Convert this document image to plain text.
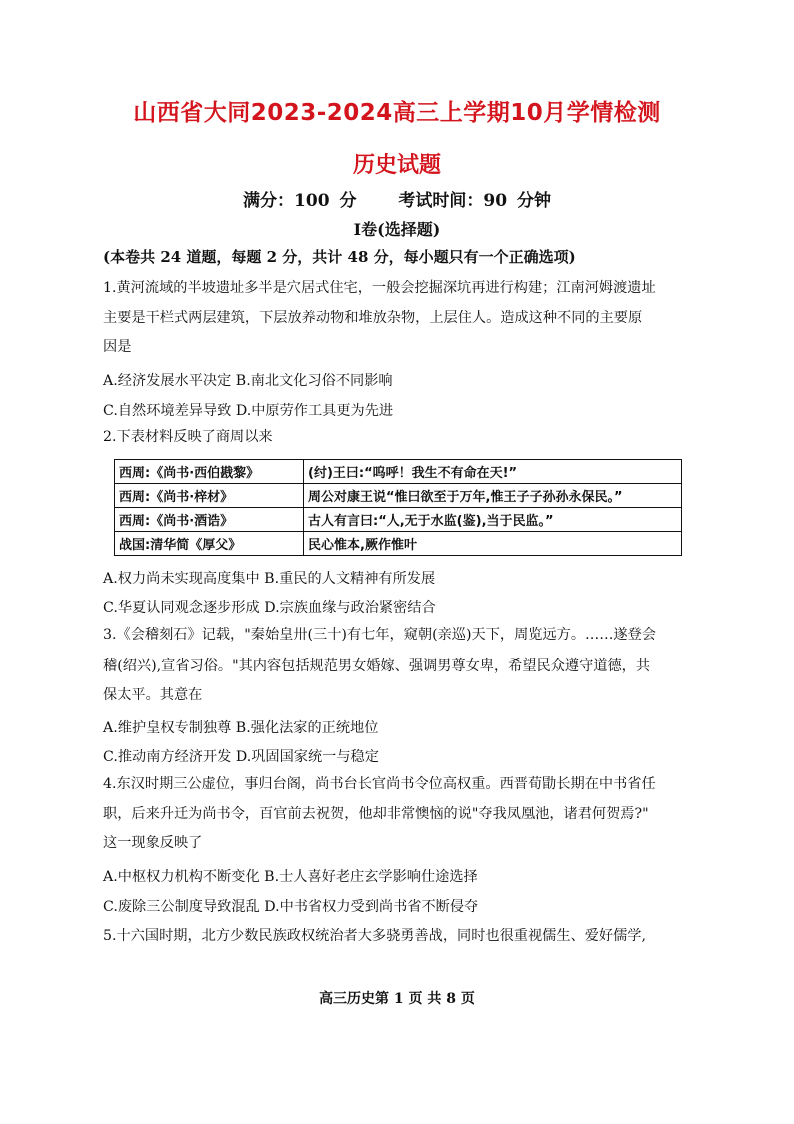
山西省大同2023-2024高三上学期10月学情检测
历史试题
满分：100 分 考试时间：90 分钟
Ⅰ卷(选择题)
(本卷共 24 道题，每题 2 分，共计 48 分，每小题只有一个正确选项)
1.黄河流域的半坡遗址多半是穴居式住宅，一般会挖掘深坑再进行构建；江南河姆渡遗址
主要是干栏式两层建筑，下层放养动物和堆放杂物，上层住人。造成这种不同的主要原
因是
A.经济发展水平决定 B.南北文化习俗不同影响
C.自然环境差异导致 D.中原劳作工具更为先进
2.下表材料反映了商周以来
西周:《尚书·西伯戡黎》	(纣)王曰:“呜呼！我生不有命在天!”
西周:《尚书·梓材》	周公对康王说“惟曰欲至于万年,惟王子子孙孙永保民。”
西周:《尚书·酒诰》	古人有言曰:“人,无于水监(鉴),当于民监。”
战国:清华简《厚父》	民心惟本,厥作惟叶
A.权力尚未实现高度集中 B.重民的人文精神有所发展
C.华夏认同观念逐步形成 D.宗族血缘与政治紧密结合
3.《会稽刻石》记载，"秦始皇卅(三十)有七年，窥朝(亲巡)天下，周览远方。……遂登会
稽(绍兴),宣省习俗。"其内容包括规范男女婚嫁、强调男尊女卑，希望民众遵守道德，共
保太平。其意在
A.维护皇权专制独尊 B.强化法家的正统地位
C.推动南方经济开发 D.巩固国家统一与稳定
4.东汉时期三公虚位，事归台阁，尚书台长官尚书令位高权重。西晋荀勖长期在中书省任
职，后来升迁为尚书令，百官前去祝贺，他却非常懊恼的说"夺我凤凰池，诸君何贺焉?"
这一现象反映了
A.中枢权力机构不断变化 B.士人喜好老庄玄学影响仕途选择
C.废除三公制度导致混乱 D.中书省权力受到尚书省不断侵夺
5.十六国时期，北方少数民族政权统治者大多骁勇善战，同时也很重视儒生、爱好儒学,
高三历史第 1 页 共 8 页
